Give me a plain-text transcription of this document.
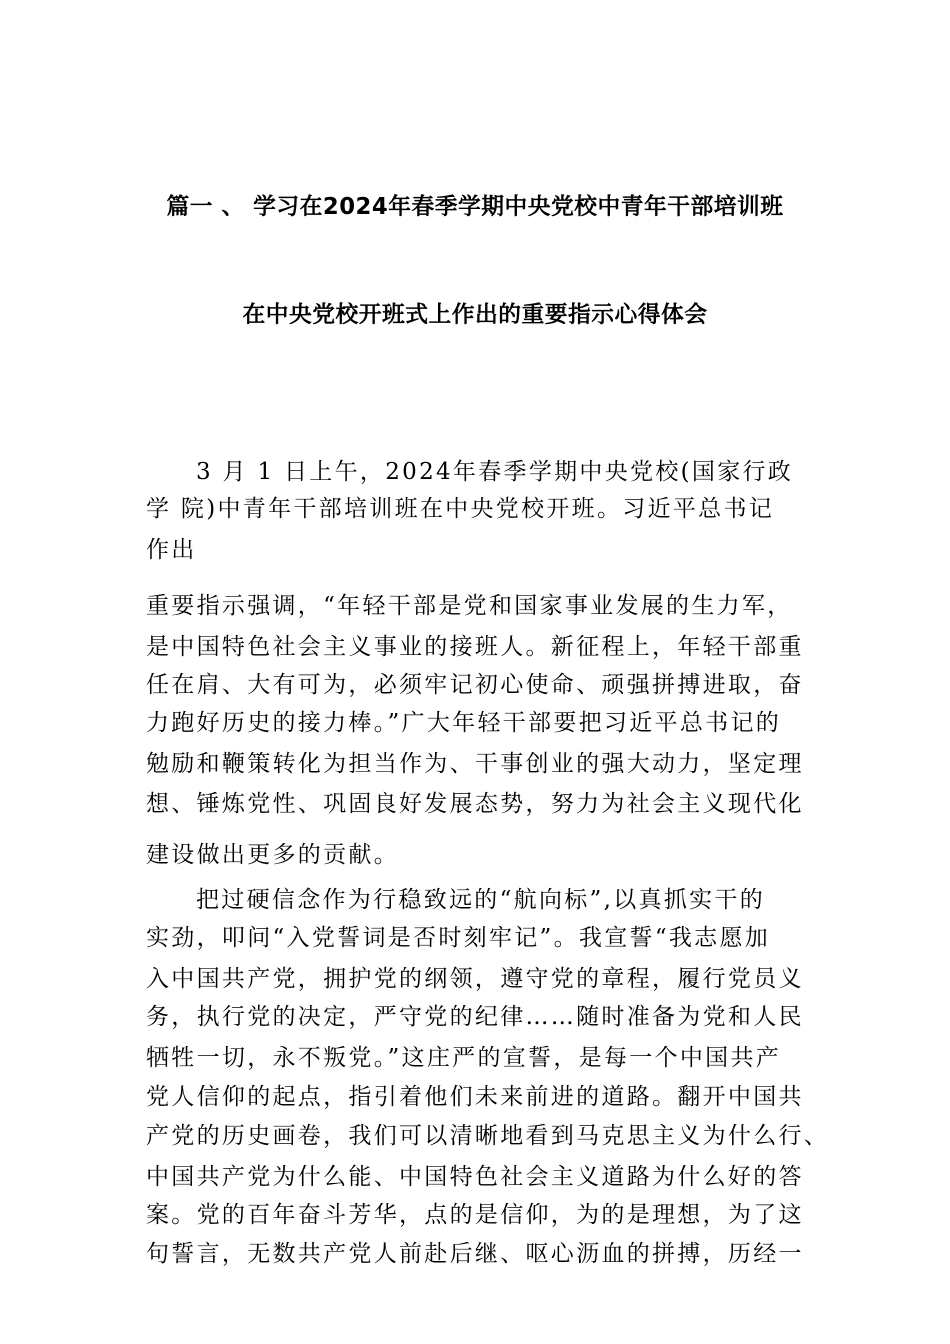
篇一 、 学习在2024年春季学期中央党校中青年干部培训班
在中央党校开班式上作出的重要指示心得体会
3 月 1 日上午，2024年春季学期中央党校(国家行政
学 院)中青年干部培训班在中央党校开班。习近平总书记
作出
重要指示强调，“年轻干部是党和国家事业发展的生力军，
是中国特色社会主义事业的接班人。新征程上，年轻干部重
任在肩、大有可为，必须牢记初心使命、顽强拼搏进取，奋
力跑好历史的接力棒。”广大年轻干部要把习近平总书记的
勉励和鞭策转化为担当作为、干事创业的强大动力，坚定理
想、锤炼党性、巩固良好发展态势，努力为社会主义现代化
建设做出更多的贡献。
把过硬信念作为行稳致远的“航向标”,以真抓实干的
实劲，叩问“入党誓词是否时刻牢记”。我宣誓“我志愿加
入中国共产党，拥护党的纲领，遵守党的章程，履行党员义
务，执行党的决定，严守党的纪律……随时准备为党和人民
牺牲一切，永不叛党。”这庄严的宣誓，是每一个中国共产
党人信仰的起点，指引着他们未来前进的道路。翻开中国共
产党的历史画卷，我们可以清晰地看到马克思主义为什么行、
中国共产党为什么能、中国特色社会主义道路为什么好的答
案。党的百年奋斗芳华，点的是信仰，为的是理想，为了这
句誓言，无数共产党人前赴后继、呕心沥血的拼搏，历经一
